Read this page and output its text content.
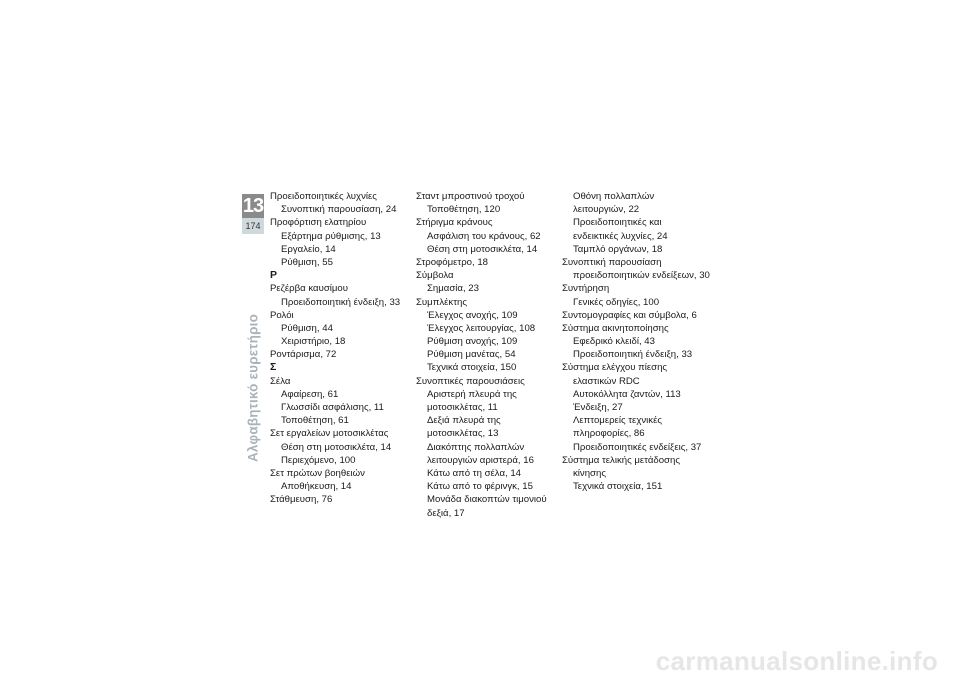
13
174
Αλφαβητικό ευρετήριο
Προειδοποιητικές λυχνίες
Συνοπτική παρουσίαση, 24
Προφόρτιση ελατηρίου
Εξάρτημα ρύθμισης, 13
Εργαλείο, 14
Ρύθμιση, 55
Ρ
Ρεζέρβα καυσίμου
Προειδοποιητική ένδειξη, 33
Ρολόι
Ρύθμιση, 44
Χειριστήριο, 18
Ροντάρισμα, 72
Σ
Σέλα
Αφαίρεση, 61
Γλωσσίδι ασφάλισης, 11
Τοποθέτηση, 61
Σετ εργαλείων μοτοσικλέτας
Θέση στη μοτοσικλέτα, 14
Περιεχόμενο, 100
Σετ πρώτων βοηθειών
Αποθήκευση, 14
Στάθμευση, 76
Σταντ μπροστινού τροχού
Τοποθέτηση, 120
Στήριγμα κράνους
Ασφάλιση του κράνους, 62
Θέση στη μοτοσικλέτα, 14
Στροφόμετρο, 18
Σύμβολα
Σημασία, 23
Συμπλέκτης
Έλεγχος ανοχής, 109
Έλεγχος λειτουργίας, 108
Ρύθμιση ανοχής, 109
Ρύθμιση μανέτας, 54
Τεχνικά στοιχεία, 150
Συνοπτικές παρουσιάσεις
Αριστερή πλευρά της
μοτοσικλέτας, 11
Δεξιά πλευρά της
μοτοσικλέτας, 13
Διακόπτης πολλαπλών
λειτουργιών αριστερά, 16
Κάτω από τη σέλα, 14
Κάτω από το φέρινγκ, 15
Μονάδα διακοπτών τιμονιού
δεξιά, 17
Οθόνη πολλαπλών
λειτουργιών, 22
Προειδοποιητικές και
ενδεικτικές λυχνίες, 24
Ταμπλό οργάνων, 18
Συνοπτική παρουσίαση
προειδοποιητικών ενδείξεων, 30
Συντήρηση
Γενικές οδηγίες, 100
Συντομογραφίες και σύμβολα, 6
Σύστημα ακινητοποίησης
Εφεδρικό κλειδί, 43
Προειδοποιητική ένδειξη, 33
Σύστημα ελέγχου πίεσης
ελαστικών RDC
Αυτοκόλλητα ζαντών, 113
Ένδειξη, 27
Λεπτομερείς τεχνικές
πληροφορίες, 86
Προειδοποιητικές ενδείξεις, 37
Σύστημα τελικής μετάδοσης
κίνησης
Τεχνικά στοιχεία, 151
carmanualsonline.info
